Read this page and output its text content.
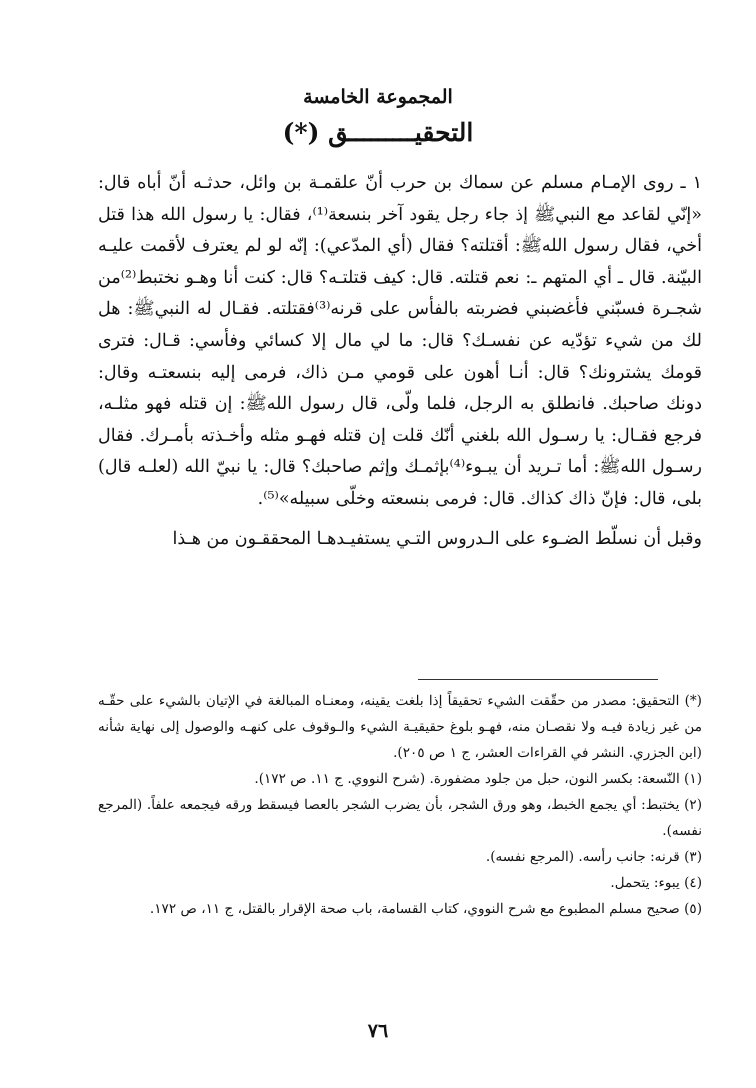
المجموعة الخامسة
التحقيـــــــــق (*)

١ ـ روى الإمـام مسلم عن سماك بن حرب أنّ علقمـة بن وائل، حدثـه أنّ أباه قال: «إنّي لقاعد مع النبيﷺ إذ جاء رجل يقود آخر بنسعة⁽¹⁾، فقال: يا رسول الله هذا قتل أخي، فقال رسول اللهﷺ: أقتلته؟ فقال (أي المدّعي): إنّه لو لم يعترف لأقمت عليـه البيّنة. قال ـ أي المتهم ـ: نعم قتلته. قال: كيف قتلتـه؟ قال: كنت أنا وهـو نختبط⁽²⁾من شجـرة فسبّني فأغضبني فضربته بالفأس على قرنه⁽³⁾فقتلته. فقـال له النبيﷺ: هل لك من شيء تؤدّيه عن نفسـك؟ قال: ما لي مال إلا كسائي وفأسي: قـال: فترى قومك يشترونك؟ قال: أنـا أهون على قومي مـن ذاك، فرمى إليه بنسعتـه وقال: دونك صاحبك. فانطلق به الرجل، فلما ولّى، قال رسول اللهﷺ: إن قتله فهو مثلـه، فرجع فقـال: يا رسـول الله بلغني أنّك قلت إن قتله فهـو مثله وأخـذته بأمـرك. فقال رسـول اللهﷺ: أما تـريد أن يبـوء⁽⁴⁾بإثمـك وإثم صاحبك؟ قال: يا نبيّ الله (لعلـه قال) بلى، قال: فإنّ ذاك كذاك. قال: فرمى بنسعته وخلّى سبيله»⁽⁵⁾.

وقبل أن نسلّط الضـوء على الـدروس التـي يستفيـدهـا المحققـون من هـذا

(*) التحقيق: مصدر من حقّقت الشيء تحقيقاً إذا بلغت يقينه، ومعنـاه المبالغة في الإتيان بالشيء على حقّـه من غير زيادة فيـه ولا نقصـان منه، فهـو بلوغ حقيقيـة الشيء والـوقوف على كنهـه والوصول إلى نهاية شأنه (ابن الجزري. النشر في القراءات العشر، ج ١ ص ٢٠٥).

(١) النّسعة: بكسر النون، حبل من جلود مضفورة. (شرح النووي. ج ١١. ص ١٧٢).

(٢) يختبط: أي يجمع الخبط، وهو ورق الشجر، بأن يضرب الشجر بالعصا فيسقط ورقه فيجمعه علفاً. (المرجع نفسه).

(٣) قرنه: جانب رأسه. (المرجع نفسه).

(٤) يبوء: يتحمل.

(٥) صحيح مسلم المطبوع مع شرح النووي، كتاب القسامة، باب صحة الإقرار بالقتل، ج ١١، ص ١٧٢.

٧٦
